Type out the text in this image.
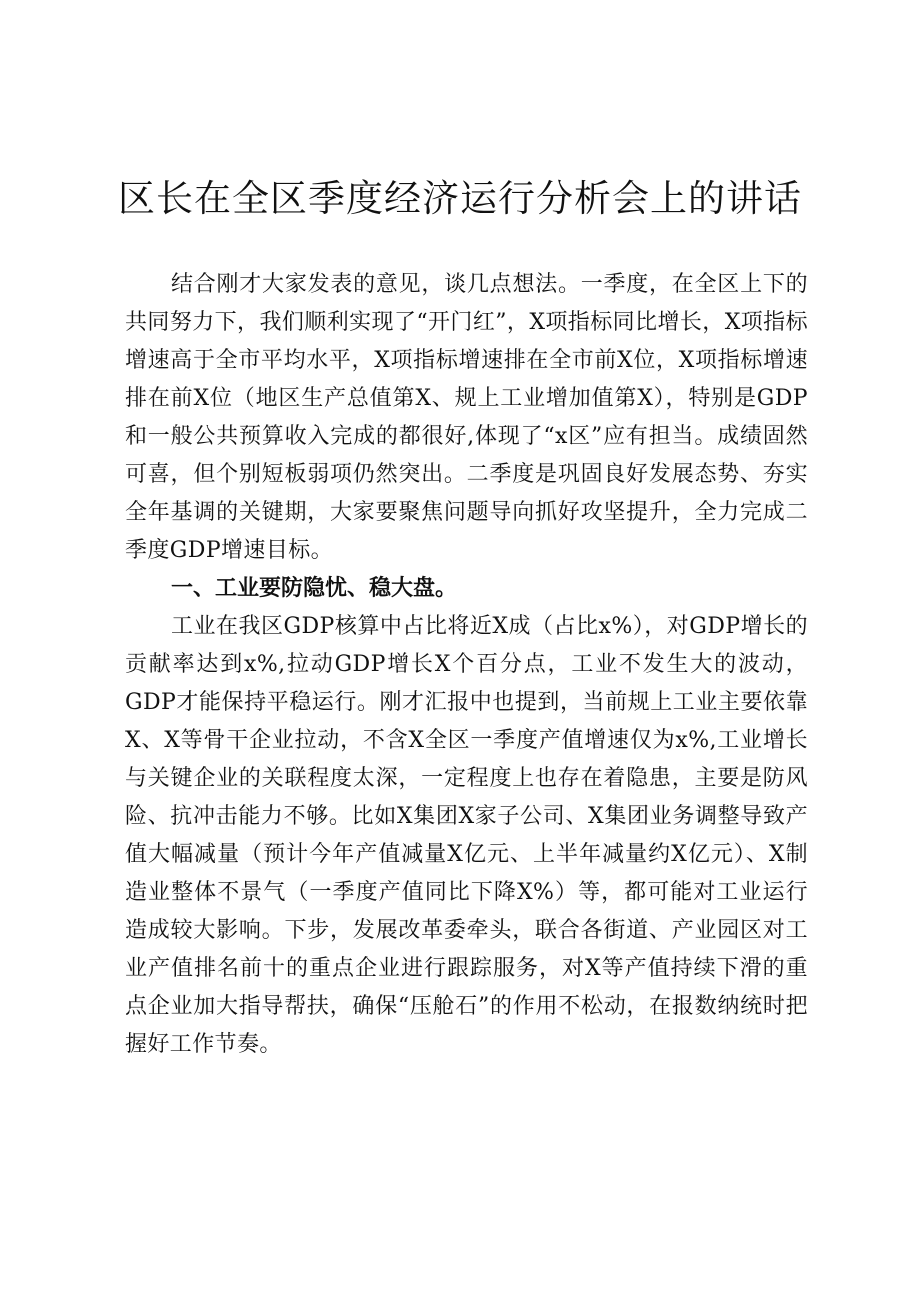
区长在全区季度经济运行分析会上的讲话

结合刚才大家发表的意见，谈几点想法。一季度，在全区上下的共同努力下，我们顺利实现了“开门红”，X项指标同比增长，X项指标增速高于全市平均水平，X项指标增速排在全市前X位，X项指标增速排在前X位（地区生产总值第X、规上工业增加值第X），特别是GDP和一般公共预算收入完成的都很好,体现了“x区”应有担当。成绩固然可喜，但个别短板弱项仍然突出。二季度是巩固良好发展态势、夯实全年基调的关键期，大家要聚焦问题导向抓好攻坚提升，全力完成二季度GDP增速目标。

一、工业要防隐忧、稳大盘。

工业在我区GDP核算中占比将近X成（占比x%），对GDP增长的贡献率达到x%,拉动GDP增长X个百分点，工业不发生大的波动，GDP才能保持平稳运行。刚才汇报中也提到，当前规上工业主要依靠X、X等骨干企业拉动，不含X全区一季度产值增速仅为x%,工业增长与关键企业的关联程度太深，一定程度上也存在着隐患，主要是防风险、抗冲击能力不够。比如X集团X家子公司、X集团业务调整导致产值大幅减量（预计今年产值减量X亿元、上半年减量约X亿元）、X制造业整体不景气（一季度产值同比下降X%）等，都可能对工业运行造成较大影响。下步，发展改革委牵头，联合各街道、产业园区对工业产值排名前十的重点企业进行跟踪服务，对X等产值持续下滑的重点企业加大指导帮扶，确保“压舱石”的作用不松动，在报数纳统时把握好工作节奏。
